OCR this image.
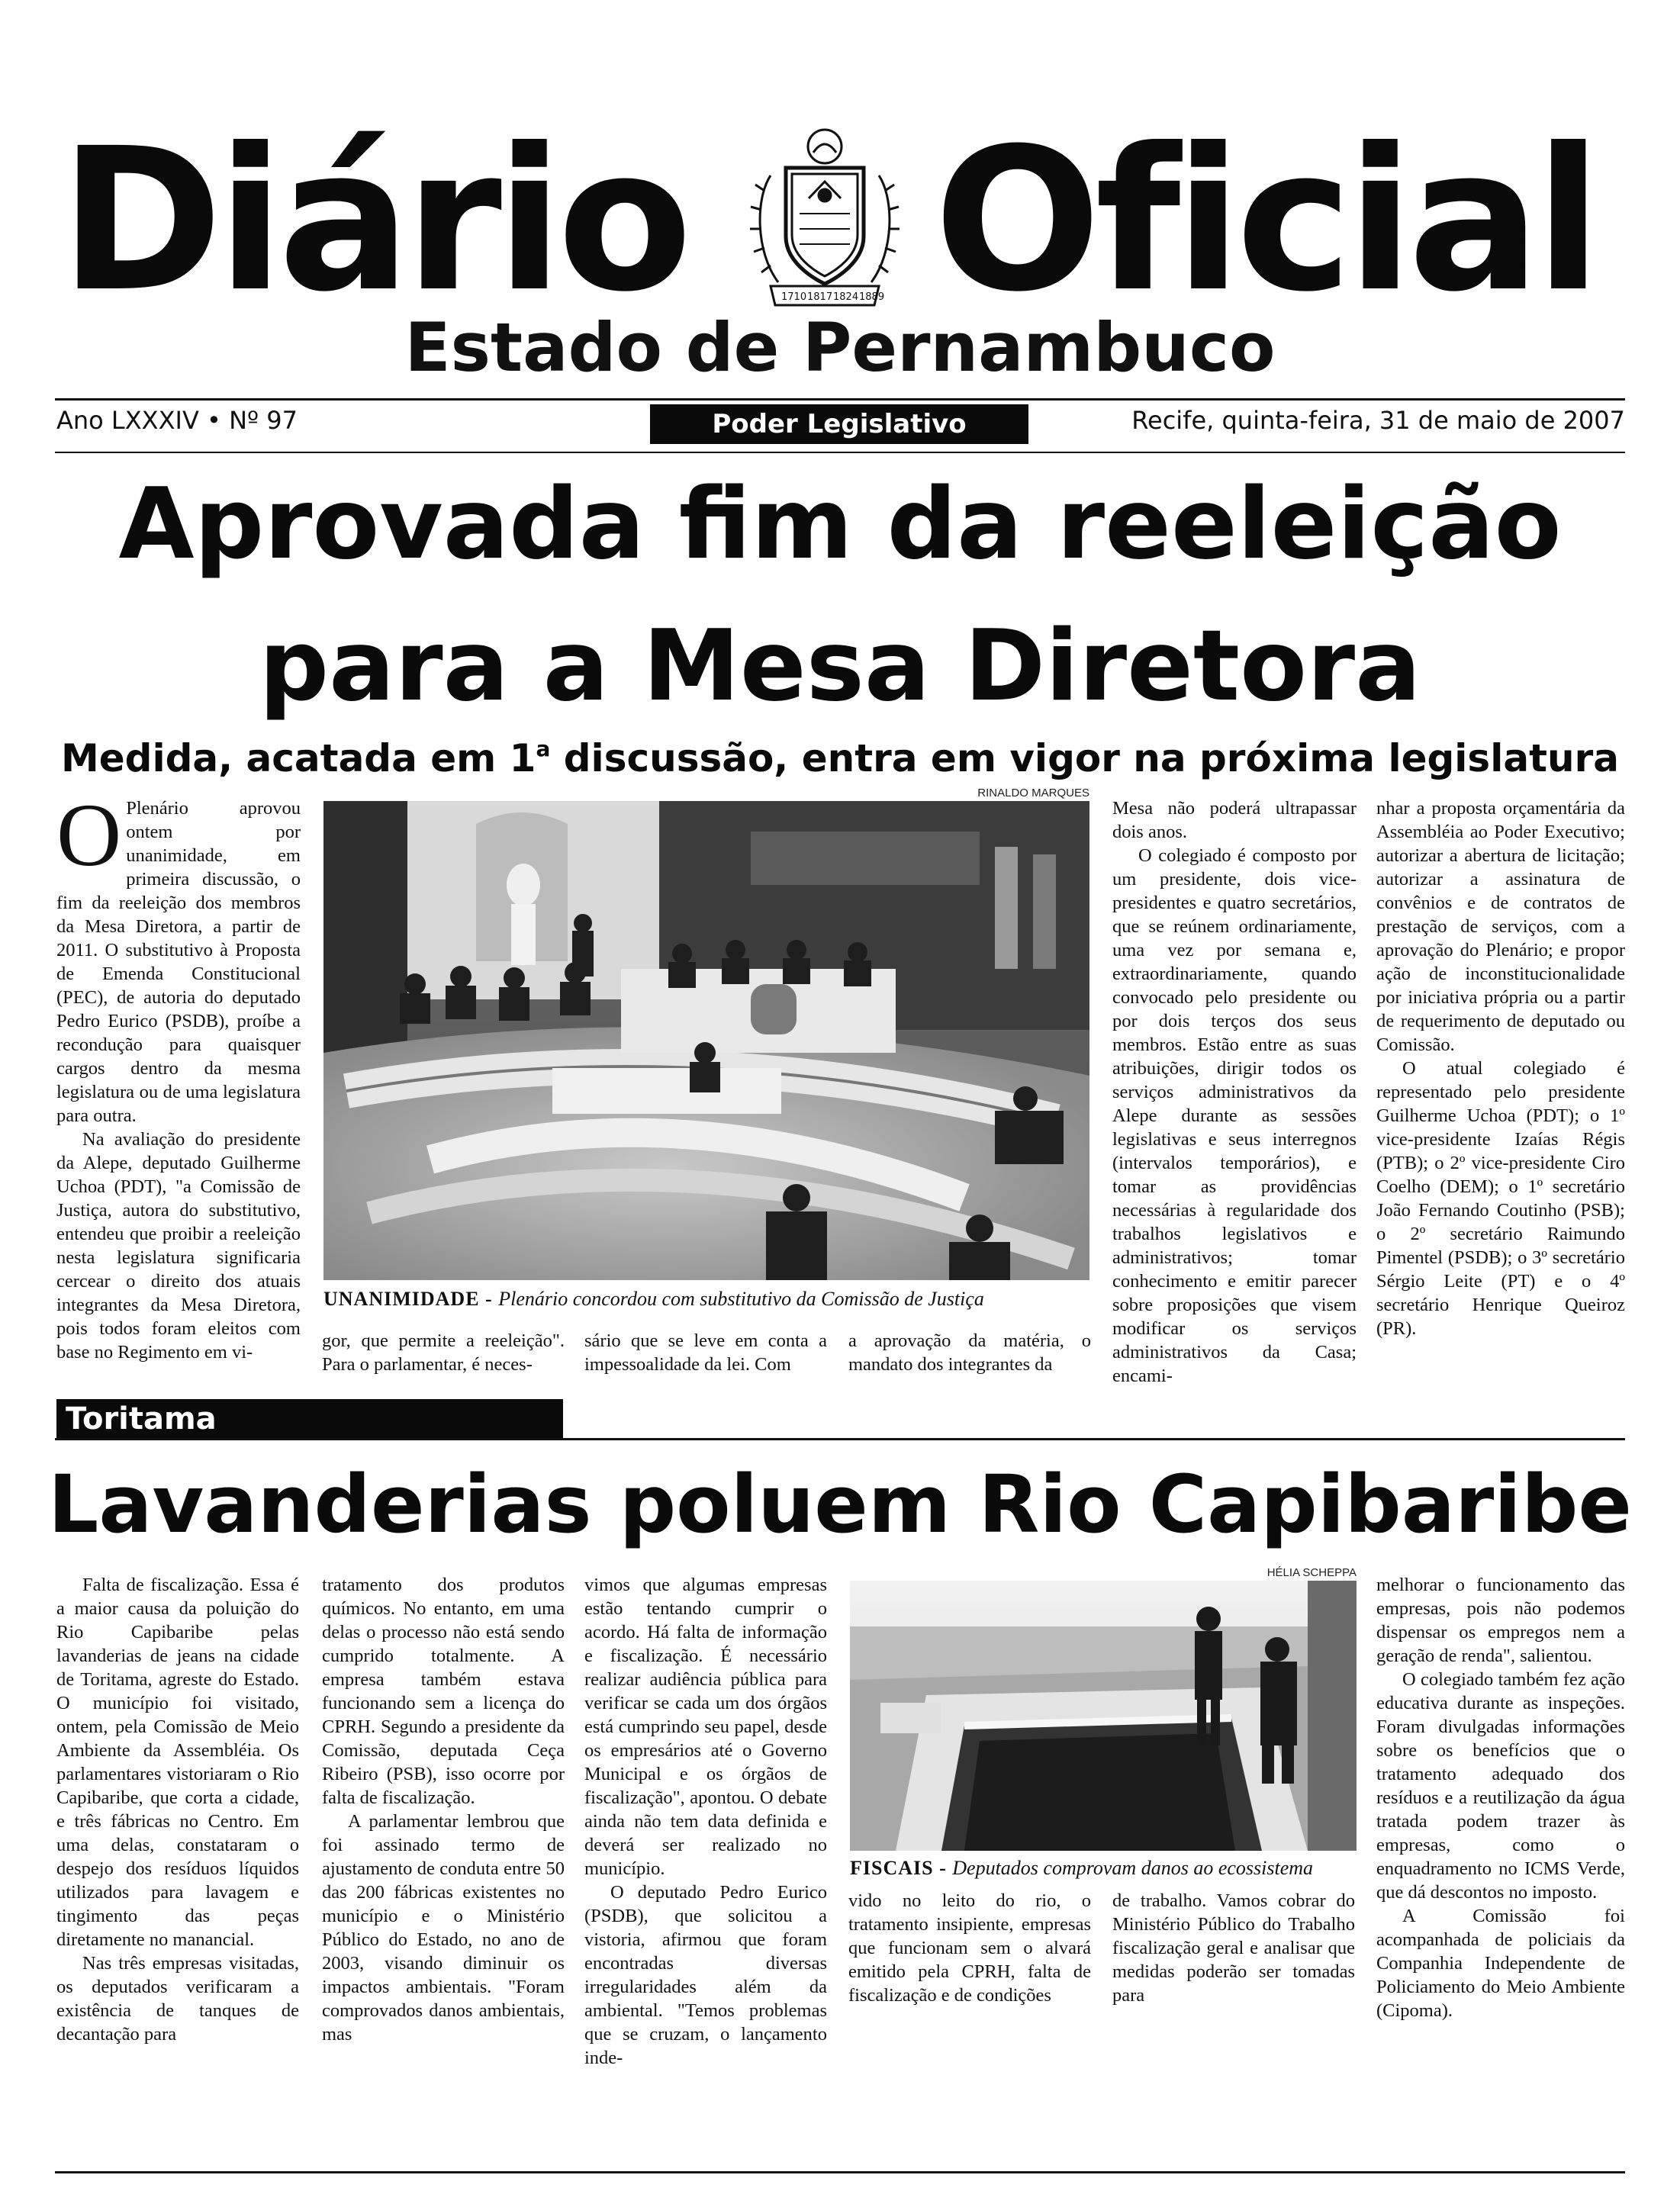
Diário	1710 1817 1824 1889 Oficial
Estado de Pernambuco
Ano LXXXIV • Nº 97	Poder Legislativo	Recife, quinta-feira, 31 de maio de 2007
Aprovada fim da reeleição
para a Mesa Diretora
Medida, acatada em 1$^a$ discussão, entra em vigor na próxima legislatura

O Plenário aprovou ontem por unanimidade, em primeira discussão, o fim da reeleição dos membros da Mesa Diretora, a partir de 2011. O substitutivo à Proposta de Emenda Constitucional (PEC), de autoria do deputado Pedro Eurico (PSDB), proíbe a recondução para quaisquer cargos dentro da mesma legislatura ou de uma legislatura para outra.

Na avaliação do presidente da Alepe, deputado Guilherme Uchoa (PDT), "a Comissão de Justiça, autora do substitutivo, entendeu que proibir a reeleição nesta legislatura significaria cercear o direito dos atuais integrantes da Mesa Diretora, pois todos foram eleitos com base no Regimento em vi-

RINALDO MARQUES
UNANIMIDADE - Plenário concordou com substitutivo da Comissão de Justiça

gor, que permite a reeleição". Para o parlamentar, é neces-

sário que se leve em conta a impessoalidade da lei. Com

a aprovação da matéria, o mandato dos integrantes da

Mesa não poderá ultrapassar dois anos.

O colegiado é composto por um presidente, dois vice-presidentes e quatro secretários, que se reúnem ordinariamente, uma vez por semana e, extraordinariamente, quando convocado pelo presidente ou por dois terços dos seus membros. Estão entre as suas atribuições, dirigir todos os serviços administrativos da Alepe durante as sessões legislativas e seus interregnos (intervalos temporários), e tomar as providências necessárias à regularidade dos trabalhos legislativos e administrativos; tomar conhecimento e emitir parecer sobre proposições que visem modificar os serviços administrativos da Casa; encami-

nhar a proposta orçamentária da Assembléia ao Poder Executivo; autorizar a abertura de licitação; autorizar a assinatura de convênios e de contratos de prestação de serviços, com a aprovação do Plenário; e propor ação de inconstitucionalidade por iniciativa própria ou a partir de requerimento de deputado ou Comissão.

O atual colegiado é representado pelo presidente Guilherme Uchoa (PDT); o 1º vice-presidente Izaías Régis (PTB); o 2º vice-presidente Ciro Coelho (DEM); o 1º secretário João Fernando Coutinho (PSB); o 2º secretário Raimundo Pimentel (PSDB); o 3º secretário Sérgio Leite (PT) e o 4º secretário Henrique Queiroz (PR).

Toritama
Lavanderias poluem Rio Capibaribe

Falta de fiscalização. Essa é a maior causa da poluição do Rio Capibaribe pelas lavanderias de jeans na cidade de Toritama, agreste do Estado. O município foi visitado, ontem, pela Comissão de Meio Ambiente da Assembléia. Os parlamentares vistoriaram o Rio Capibaribe, que corta a cidade, e três fábricas no Centro. Em uma delas, constataram o despejo dos resíduos líquidos utilizados para lavagem e tingimento das peças diretamente no manancial.

Nas três empresas visitadas, os deputados verificaram a existência de tanques de decantação para

tratamento dos produtos químicos. No entanto, em uma delas o processo não está sendo cumprido totalmente. A empresa também estava funcionando sem a licença do CPRH. Segundo a presidente da Comissão, deputada Ceça Ribeiro (PSB), isso ocorre por falta de fiscalização.

A parlamentar lembrou que foi assinado termo de ajustamento de conduta entre 50 das 200 fábricas existentes no município e o Ministério Público do Estado, no ano de 2003, visando diminuir os impactos ambientais. "Foram comprovados danos ambientais, mas

vimos que algumas empresas estão tentando cumprir o acordo. Há falta de informação e fiscalização. É necessário realizar audiência pública para verificar se cada um dos órgãos está cumprindo seu papel, desde os empresários até o Governo Municipal e os órgãos de fiscalização", apontou. O debate ainda não tem data definida e deverá ser realizado no município.

O deputado Pedro Eurico (PSDB), que solicitou a vistoria, afirmou que foram encontradas diversas irregularidades além da ambiental. "Temos problemas que se cruzam, o lançamento inde-

HÉLIA SCHEPPA
FISCAIS - Deputados comprovam danos ao ecossistema

vido no leito do rio, o tratamento insipiente, empresas que funcionam sem o alvará emitido pela CPRH, falta de fiscalização e de condições

de trabalho. Vamos cobrar do Ministério Público do Trabalho fiscalização geral e analisar que medidas poderão ser tomadas para

melhorar o funcionamento das empresas, pois não podemos dispensar os empregos nem a geração de renda", salientou.

O colegiado também fez ação educativa durante as inspeções. Foram divulgadas informações sobre os benefícios que o tratamento adequado dos resíduos e a reutilização da água tratada podem trazer às empresas, como o enquadramento no ICMS Verde, que dá descontos no imposto.

A Comissão foi acompanhada de policiais da Companhia Independente de Policiamento do Meio Ambiente (Cipoma).
